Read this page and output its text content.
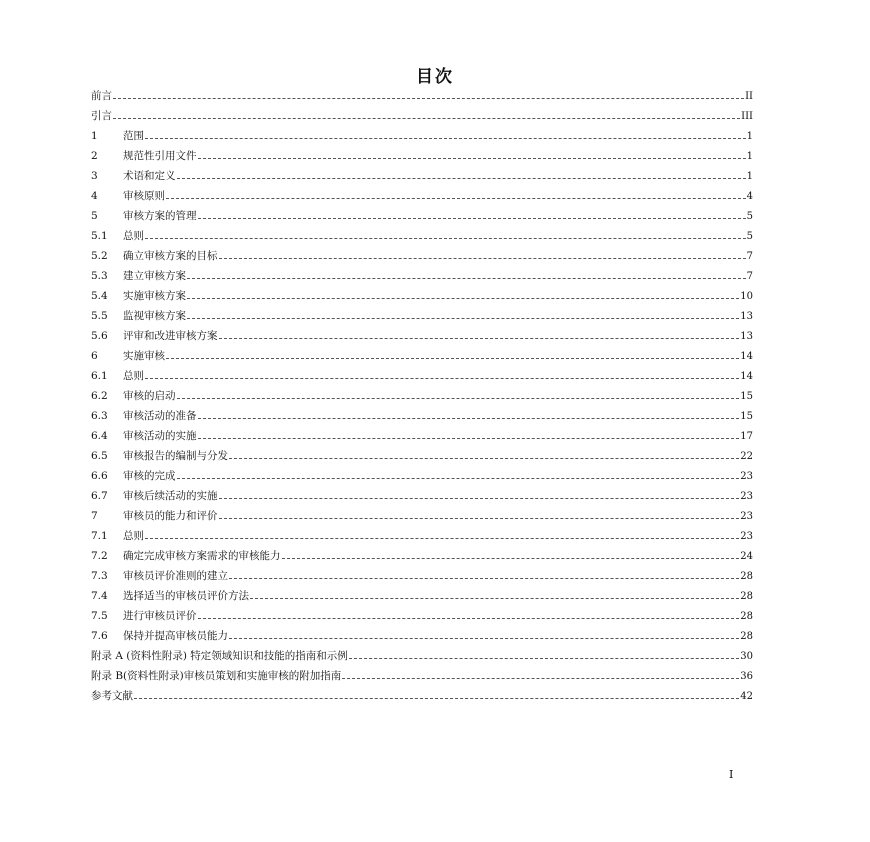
目次
前言	II
引言	III
1	范围	1
2	规范性引用文件	1
3	术语和定义	1
4	审核原则	4
5	审核方案的管理	5
5.1	总则	5
5.2	确立审核方案的目标	7
5.3	建立审核方案	7
5.4	实施审核方案	10
5.5	监视审核方案	13
5.6	评审和改进审核方案	13
6	实施审核	14
6.1	总则	14
6.2	审核的启动	15
6.3	审核活动的准备	15
6.4	审核活动的实施	17
6.5	审核报告的编制与分发	22
6.6	审核的完成	23
6.7	审核后续活动的实施	23
7	审核员的能力和评价	23
7.1	总则	23
7.2	确定完成审核方案需求的审核能力	24
7.3	审核员评价准则的建立	28
7.4	选择适当的审核员评价方法	28
7.5	进行审核员评价	28
7.6	保持并提高审核员能力	28
附录 A (资料性附录) 特定领域知识和技能的指南和示例	30
附录 B(资料性附录)审核员策划和实施审核的附加指南	36
参考文献	42
I
